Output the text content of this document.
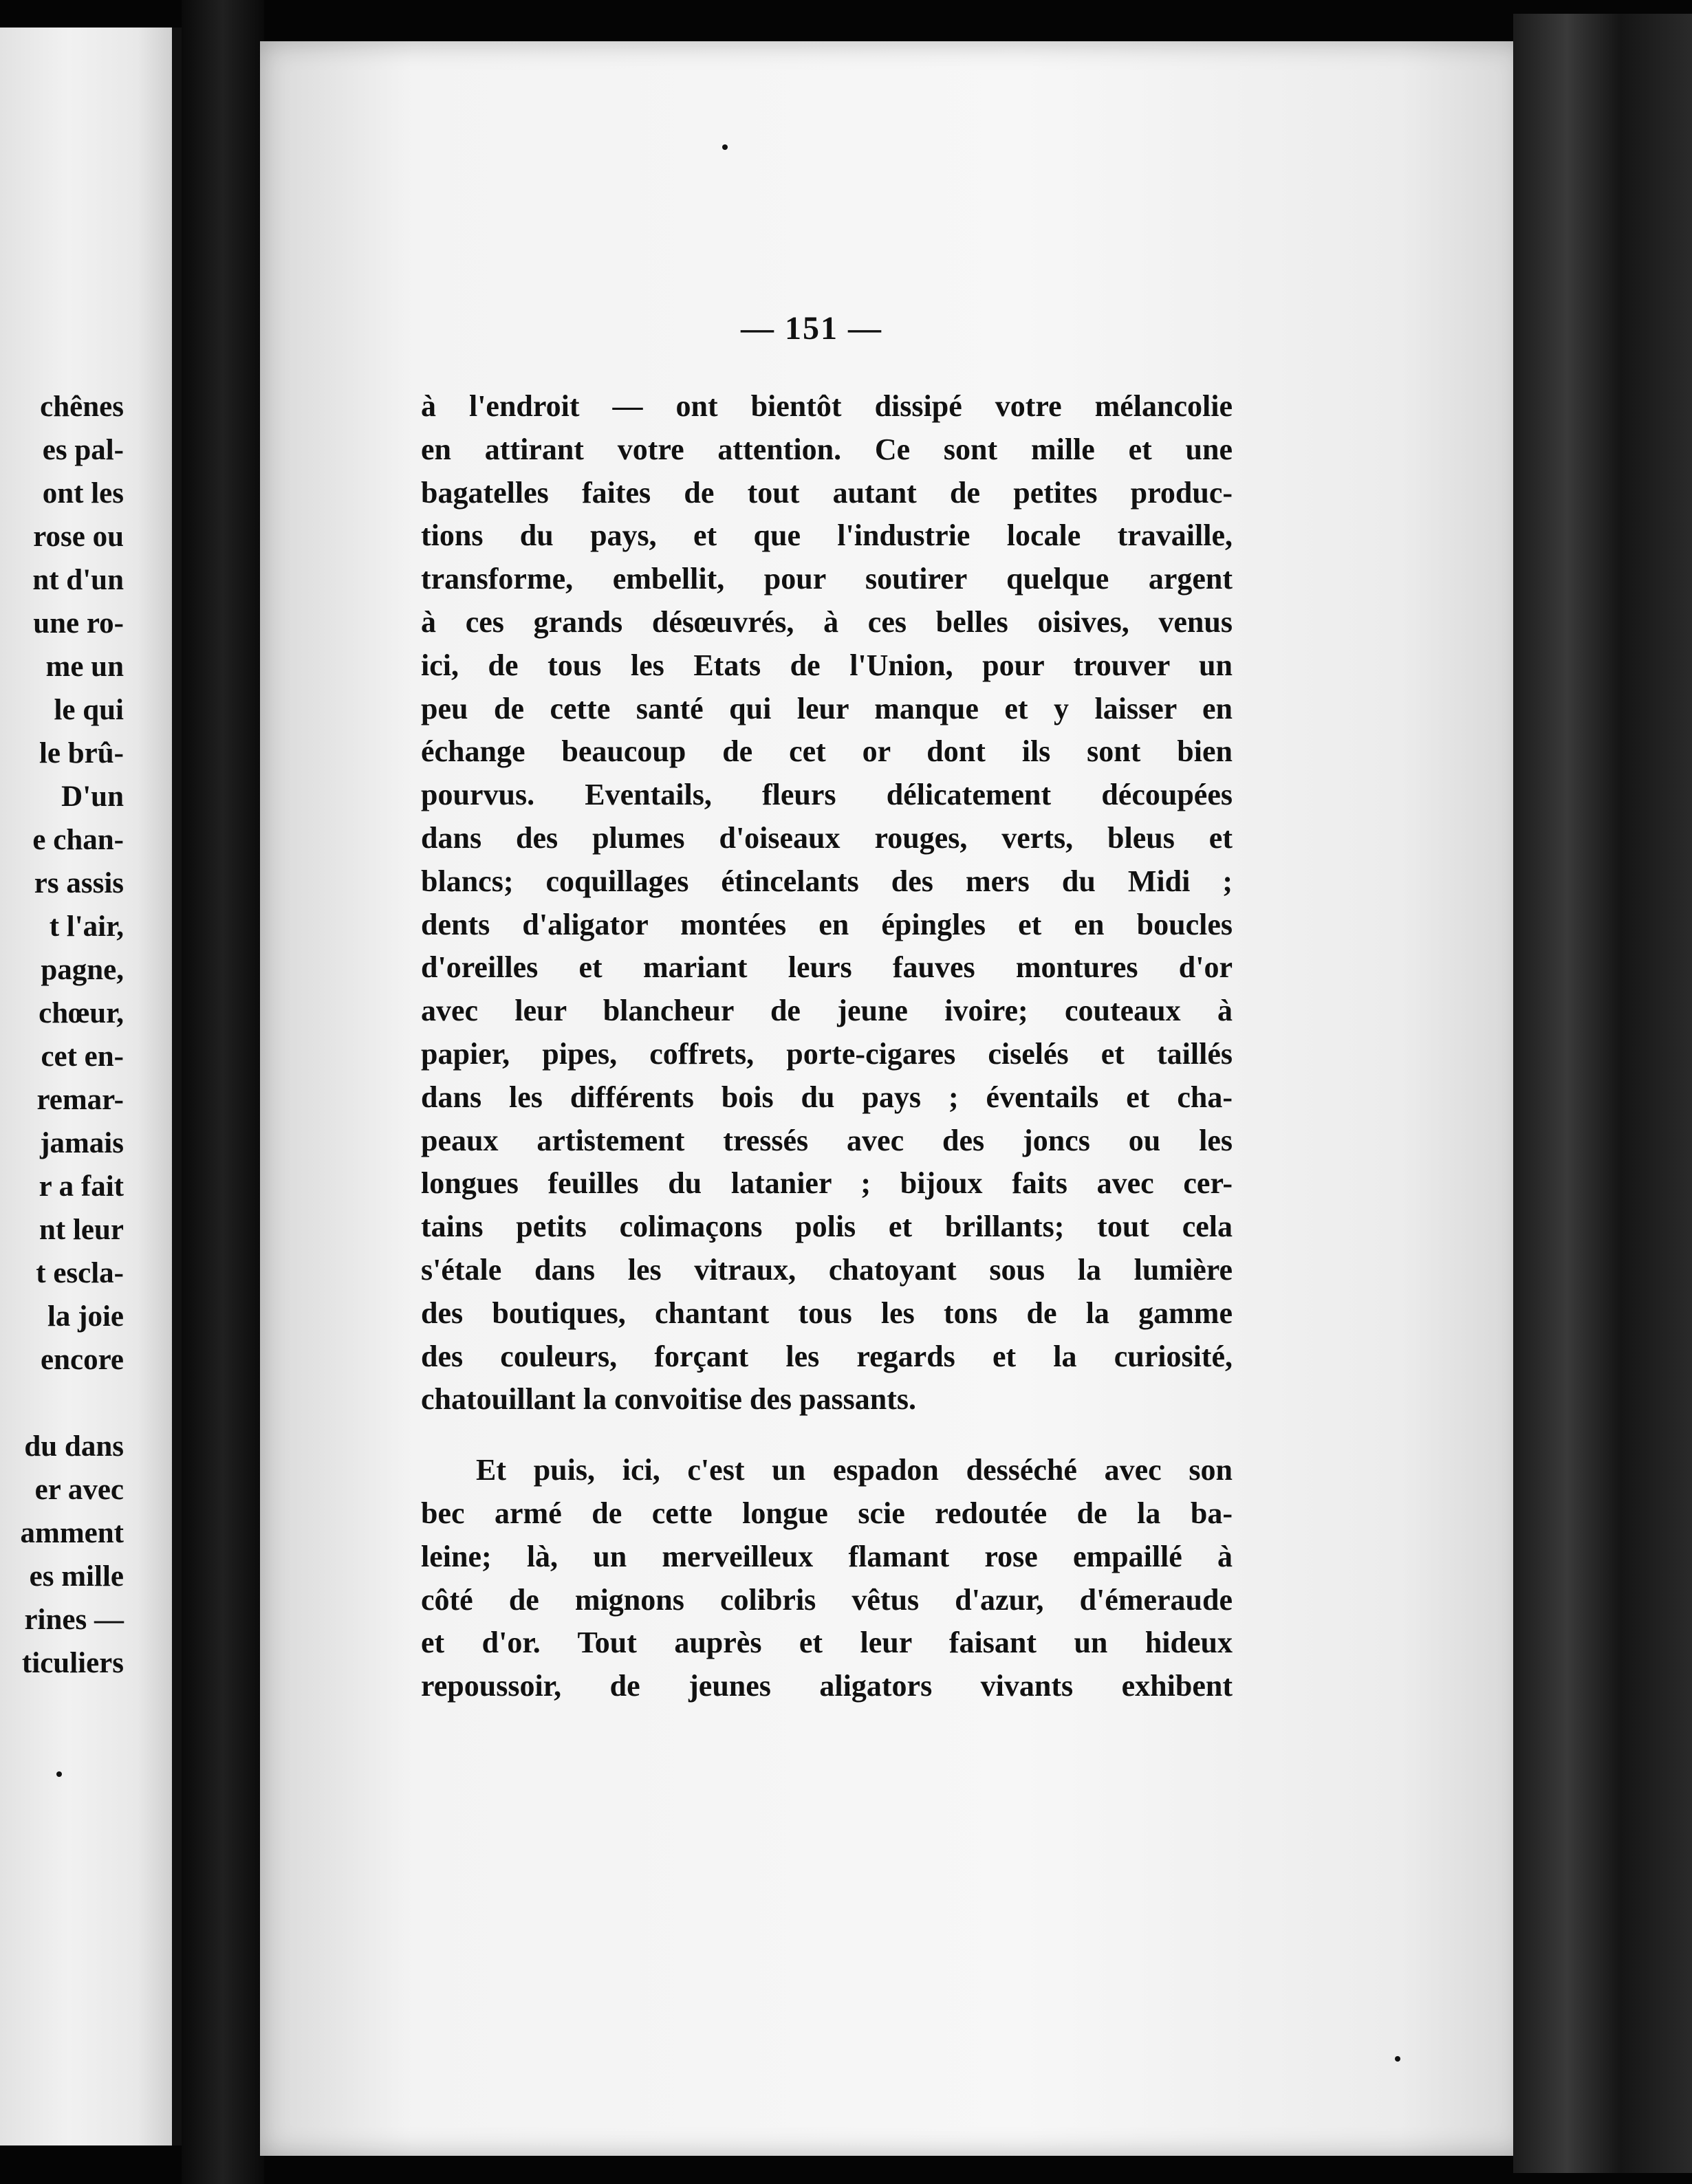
chênes
es pal-
ont les
rose ou
nt d'un
une ro-
me un
le qui
le brû-
D'un
e chan-
rs assis
t l'air,
pagne,
chœur,
cet en-
remar-
jamais
r a fait
nt leur
t escla-
la joie
encore
du dans
er avec
amment
es mille
rines —
ticuliers
— 151 —
à l'endroit — ont bientôt dissipé votre mélancolie
en attirant votre attention. Ce sont mille et une
bagatelles faites de tout autant de petites produc-
tions du pays, et que l'industrie locale travaille,
transforme, embellit, pour soutirer quelque argent
à ces grands désœuvrés, à ces belles oisives, venus
ici, de tous les Etats de l'Union, pour trouver un
peu de cette santé qui leur manque et y laisser en
échange beaucoup de cet or dont ils sont bien
pourvus. Eventails, fleurs délicatement découpées
dans des plumes d'oiseaux rouges, verts, bleus et
blancs; coquillages étincelants des mers du Midi ;
dents d'aligator montées en épingles et en boucles
d'oreilles et mariant leurs fauves montures d'or
avec leur blancheur de jeune ivoire; couteaux à
papier, pipes, coffrets, porte-cigares ciselés et taillés
dans les différents bois du pays ; éventails et cha-
peaux artistement tressés avec des joncs ou les
longues feuilles du latanier ; bijoux faits avec cer-
tains petits colimaçons polis et brillants; tout cela
s'étale dans les vitraux, chatoyant sous la lumière
des boutiques, chantant tous les tons de la gamme
des couleurs, forçant les regards et la curiosité,
chatouillant la convoitise des passants.
Et puis, ici, c'est un espadon desséché avec son
bec armé de cette longue scie redoutée de la ba-
leine; là, un merveilleux flamant rose empaillé à
côté de mignons colibris vêtus d'azur, d'émeraude
et d'or. Tout auprès et leur faisant un hideux
repoussoir, de jeunes aligators vivants exhibent
